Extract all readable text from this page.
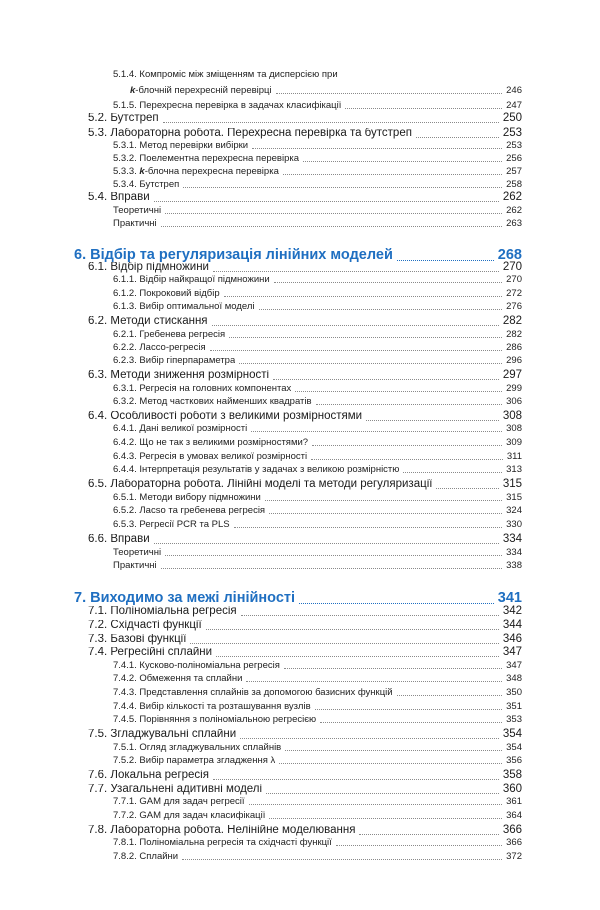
5.1.4. Компроміс між зміщенням та дисперсією при
k-блочній перехресній перевірці	246
5.1.5. Перехресна перевірка в задачах класифікації	247
5.2. Бутстреп	250
5.3. Лабораторна робота. Перехресна перевірка та бутстреп	253
5.3.1. Метод перевірки вибірки	253
5.3.2. Поелементна перехресна перевірка	256
5.3.3. k-блочна перехресна перевірка	257
5.3.4. Бутстреп	258
5.4. Вправи	262
Теоретичні	262
Практичні	263
6. Відбір та регуляризація лінійних моделей	268
6.1. Відбір підмножини	270
6.1.1. Відбір найкращої підмножини	270
6.1.2. Покроковий відбір	272
6.1.3. Вибір оптимальної моделі	276
6.2. Методи стискання	282
6.2.1. Гребенева регресія	282
6.2.2. Лассо-регресія	286
6.2.3. Вибір гіперпараметра	296
6.3. Методи зниження розмірності	297
6.3.1. Регресія на головних компонентах	299
6.3.2. Метод часткових найменших квадратів	306
6.4. Особливості роботи з великими розмірностями	308
6.4.1. Дані великої розмірності	308
6.4.2. Що не так з великими розмірностями?	309
6.4.3. Регресія в умовах великої розмірності	311
6.4.4. Інтерпретація результатів у задачах з великою розмірністю	313
6.5. Лабораторна робота. Лінійні моделі та методи регуляризації	315
6.5.1. Методи вибору підмножини	315
6.5.2. Ласso та гребенева регресія	324
6.5.3. Регресії PCR та PLS	330
6.6. Вправи	334
Теоретичні	334
Практичні	338
7. Виходимо за межі лінійності	341
7.1. Поліноміальна регресія	342
7.2. Східчасті функції	344
7.3. Базові функції	346
7.4. Регресійні сплайни	347
7.4.1. Кусково-поліноміальна регресія	347
7.4.2. Обмеження та сплайни	348
7.4.3. Представлення сплайнів за допомогою базисних функцій	350
7.4.4. Вибір кількості та розташування вузлів	351
7.4.5. Порівняння з поліноміальною регресією	353
7.5. Згладжувальні сплайни	354
7.5.1. Огляд згладжувальних сплайнів	354
7.5.2. Вибір параметра згладження λ	356
7.6. Локальна регресія	358
7.7. Узагальнені адитивні моделі	360
7.7.1. GAM для задач регресії	361
7.7.2. GAM для задач класифікації	364
7.8. Лабораторна робота. Нелінійне моделювання	366
7.8.1. Поліноміальна регресія та східчасті функції	366
7.8.2. Сплайни	372
